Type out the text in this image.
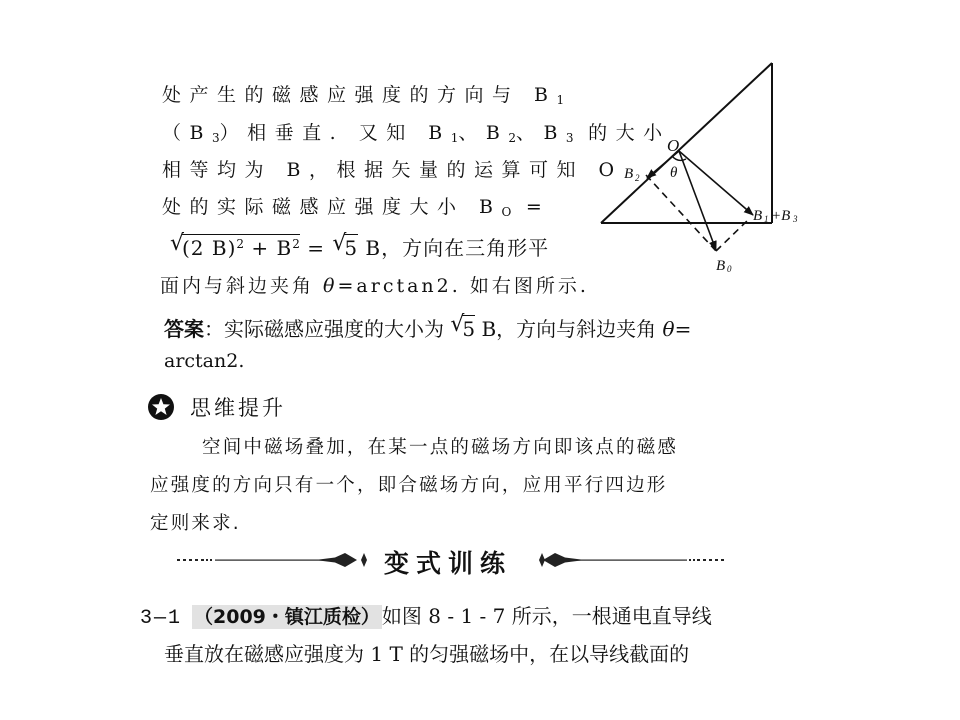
处产生的磁感应强度的方向与 $B_1$
$(B_3)$相垂直. 又知 $B_1$、$B_2$、$B_3$ 的大小
相等均为 B，根据矢量的运算可知 O
处的实际磁感应强度大小 $B_O$ =
√ (2 $B)^2 + B^2$ = √ 5 B，方向在三角形平
面内与斜边夹角 θ=arctan2. 如右图所示.
O
θ
B 2
B 1 +B 3
B 0
答案：实际磁感应强度的大小为 √ 5 B，方向与斜边夹角 θ=
arctan2.
思维提升
空间中磁场叠加，在某一点的磁场方向即该点的磁感
应强度的方向只有一个，即合磁场方向，应用平行四边形
定则来求.
变式训练
3—1 （2009・镇江质检） 如图 8 - 1 - 7 所示，一根通电直导线
垂直放在磁感应强度为 1 T 的匀强磁场中，在以导线截面的
